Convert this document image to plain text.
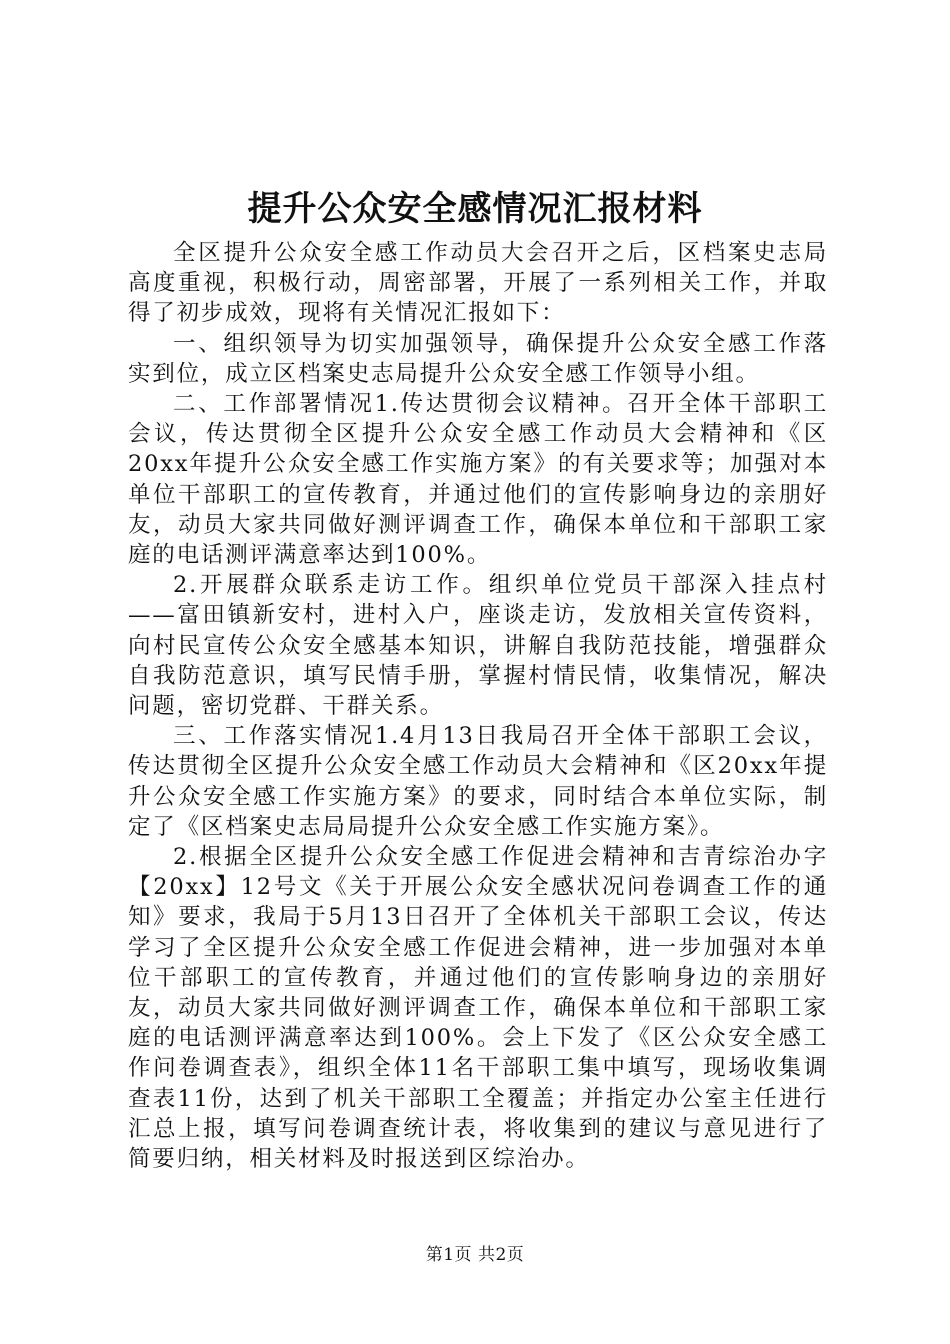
提升公众安全感情况汇报材料

全区提升公众安全感工作动员大会召开之后，区档案史志局高度重视，积极行动，周密部署，开展了一系列相关工作，并取得了初步成效，现将有关情况汇报如下：

一、组织领导为切实加强领导，确保提升公众安全感工作落实到位，成立区档案史志局提升公众安全感工作领导小组。

二、工作部署情况1.传达贯彻会议精神。召开全体干部职工会议，传达贯彻全区提升公众安全感工作动员大会精神和《区20xx年提升公众安全感工作实施方案》的有关要求等；加强对本单位干部职工的宣传教育，并通过他们的宣传影响身边的亲朋好友，动员大家共同做好测评调查工作，确保本单位和干部职工家庭的电话测评满意率达到100%。

2.开展群众联系走访工作。组织单位党员干部深入挂点村——富田镇新安村，进村入户，座谈走访，发放相关宣传资料，向村民宣传公众安全感基本知识，讲解自我防范技能，增强群众自我防范意识，填写民情手册，掌握村情民情，收集情况，解决问题，密切党群、干群关系。

三、工作落实情况1.4月13日我局召开全体干部职工会议，传达贯彻全区提升公众安全感工作动员大会精神和《区20xx年提升公众安全感工作实施方案》的要求，同时结合本单位实际，制定了《区档案史志局局提升公众安全感工作实施方案》。

2.根据全区提升公众安全感工作促进会精神和吉青综治办字【20xx】12号文《关于开展公众安全感状况问卷调查工作的通知》要求，我局于5月13日召开了全体机关干部职工会议，传达学习了全区提升公众安全感工作促进会精神，进一步加强对本单位干部职工的宣传教育，并通过他们的宣传影响身边的亲朋好友，动员大家共同做好测评调查工作，确保本单位和干部职工家庭的电话测评满意率达到100%。会上下发了《区公众安全感工作问卷调查表》，组织全体11名干部职工集中填写，现场收集调查表11份，达到了机关干部职工全覆盖；并指定办公室主任进行汇总上报，填写问卷调查统计表，将收集到的建议与意见进行了简要归纳，相关材料及时报送到区综治办。

第1页 共2页
